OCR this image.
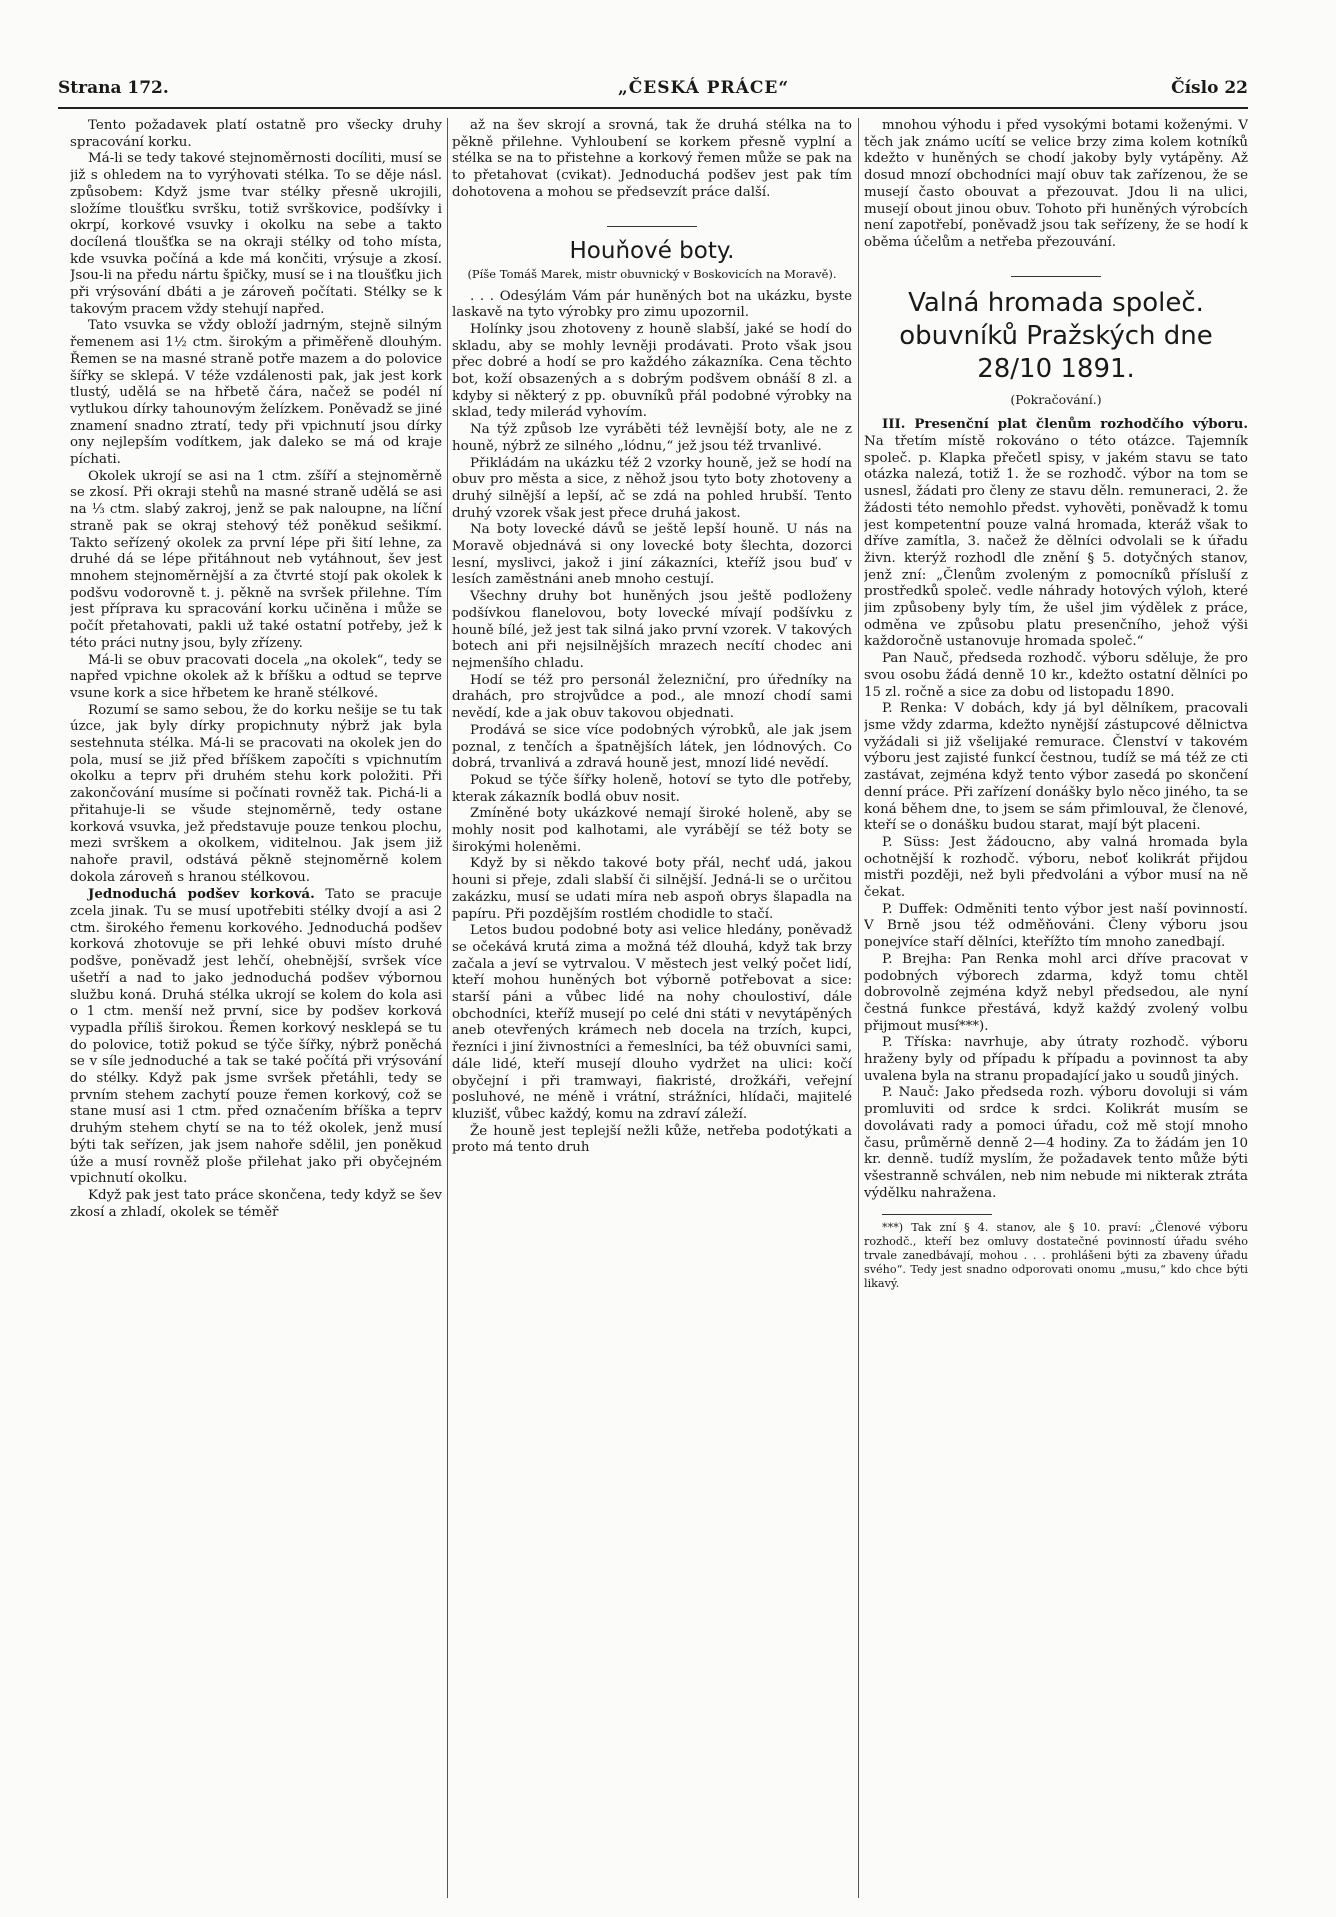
Strana 172.	„ČESKÁ PRÁCE“	Číslo 22

Tento požadavek platí ostatně pro všecky druhy spracování korku.

Má-li se tedy takové stejnoměrnosti docíliti, musí se již s ohledem na to vyrýhovati stélka. To se děje násl. způsobem: Když jsme tvar stélky přesně ukrojili, složíme tloušťku svršku, totiž svrškovice, podšívky i okrpí, korkové vsuvky i okolku na sebe a takto docílená tloušťka se na okraji stélky od toho místa, kde vsuvka počíná a kde má končiti, vrýsuje a zkosí. Jsou-li na předu nártu špičky, musí se i na tloušťku jich při vrýsování dbáti a je zároveň počítati. Stélky se k takovým pracem vždy stehují napřed.

Tato vsuvka se vždy obloží jadrným, stejně silným řemenem asi 1½ ctm. širokým a přiměřeně dlouhým. Řemen se na masné straně potře mazem a do polovice šířky se sklepá. V téže vzdálenosti pak, jak jest kork tlustý, udělá se na hřbetě čára, načež se podél ní vytlukou dírky tahounovým želízkem. Poněvadž se jiné znamení snadno ztratí, tedy při vpichnutí jsou dírky ony nejlepším vodítkem, jak daleko se má od kraje píchati.

Okolek ukrojí se asi na 1 ctm. zšíří a stejnoměrně se zkosí. Při okraji stehů na masné straně udělá se asi na ⅓ ctm. slabý zakroj, jenž se pak naloupne, na líční straně pak se okraj stehový též poněkud sešikmí. Takto seřízený okolek za první lépe při šití lehne, za druhé dá se lépe přitáhnout neb vytáhnout, šev jest mnohem stejnoměrnější a za čtvrté stojí pak okolek k podšvu vodorovně t. j. pěkně na svršek přilehne. Tím jest příprava ku spracování korku učiněna i může se počít přetahovati, pakli už také ostatní potřeby, jež k této práci nutny jsou, byly zřízeny.

Má-li se obuv pracovati docela „na okolek“, tedy se napřed vpichne okolek až k bříšku a odtud se teprve vsune kork a sice hřbetem ke hraně stélkové.

Rozumí se samo sebou, že do korku nešije se tu tak úzce, jak byly dírky propichnuty nýbrž jak byla sestehnuta stélka. Má-li se pracovati na okolek jen do pola, musí se již před bříškem započíti s vpichnutím okolku a teprv při druhém stehu kork položiti. Při zakončování musíme si počínati rovněž tak. Pichá-li a přitahuje-li se všude stejnoměrně, tedy ostane korková vsuvka, jež představuje pouze tenkou plochu, mezi svrškem a okolkem, viditelnou. Jak jsem již nahoře pravil, odstává pěkně stejnoměrně kolem dokola zároveň s hranou stélkovou.

Jednoduchá podšev korková. Tato se pracuje zcela jinak. Tu se musí upotřebiti stélky dvojí a asi 2 ctm. širokého řemenu korkového. Jednoduchá podšev korková zhotovuje se při lehké obuvi místo druhé podšve, poněvadž jest lehčí, ohebnější, svršek více ušetří a nad to jako jednoduchá podšev výbornou službu koná. Druhá stélka ukrojí se kolem do kola asi o 1 ctm. menší než první, sice by podšev korková vypadla příliš širokou. Řemen korkový nesklepá se tu do polovice, totiž pokud se týče šířky, nýbrž poněchá se v síle jednoduché a tak se také počítá při vrýsování do stélky. Když pak jsme svršek přetáhli, tedy se prvním stehem zachytí pouze řemen korkový, což se stane musí asi 1 ctm. před označením bříška a teprv druhým stehem chytí se na to též okolek, jenž musí býti tak seřízen, jak jsem nahoře sdělil, jen poněkud úže a musí rovněž ploše přilehat jako při obyčejném vpichnutí okolku.

Když pak jest tato práce skončena, tedy když se šev zkosí a zhladí, okolek se téměř

až na šev skrojí a srovná, tak že druhá stélka na to pěkně přilehne. Vyhloubení se korkem přesně vyplní a stélka se na to přistehne a korkový řemen může se pak na to přetahovat (cvikat). Jednoduchá podšev jest pak tím dohotovena a mohou se předsevzít práce další.

Houňové boty.
(Píše Tomáš Marek, mistr obuvnický v Boskovicích na Moravě).

. . . Odesýlám Vám pár huněných bot na ukázku, byste laskavě na tyto výrobky pro zimu upozornil.

Holínky jsou zhotoveny z houně slabší, jaké se hodí do skladu, aby se mohly levněji prodávati. Proto však jsou přec dobré a hodí se pro každého zákazníka. Cena těchto bot, koží obsazených a s dobrým podšvem obnáší 8 zl. a kdyby si některý z pp. obuvníků přál podobné výrobky na sklad, tedy milerád vyhovím.

Na týž způsob lze vyráběti též levnější boty, ale ne z houně, nýbrž ze silného „lódnu,“ jež jsou též trvanlivé.

Přikládám na ukázku též 2 vzorky houně, jež se hodí na obuv pro města a sice, z něhož jsou tyto boty zhotoveny a druhý silnější a lepší, ač se zdá na pohled hrubší. Tento druhý vzorek však jest přece druhá jakost.

Na boty lovecké dávů se ještě lepší houně. U nás na Moravě objednává si ony lovecké boty šlechta, dozorci lesní, myslivci, jakož i jiní zákazníci, kteříž jsou buď v lesích zaměstnáni aneb mnoho cestují.

Všechny druhy bot huněných jsou ještě podloženy podšívkou flanelovou, boty lovecké mívají podšívku z houně bílé, jež jest tak silná jako první vzorek. V takových botech ani při nejsilnějších mrazech necítí chodec ani nejmenšího chladu.

Hodí se též pro personál železniční, pro úředníky na drahách, pro strojvůdce a pod., ale mnozí chodí sami nevědí, kde a jak obuv takovou objednati.

Prodává se sice více podobných výrobků, ale jak jsem poznal, z tenčích a špatnějších látek, jen lódnových. Co dobrá, trvanlivá a zdravá houně jest, mnozí lidé nevědí.

Pokud se týče šířky holeně, hotoví se tyto dle potřeby, kterak zákazník bodlá obuv nosit.

Zmíněné boty ukázkové nemají široké holeně, aby se mohly nosit pod kalhotami, ale vyrábějí se též boty se širokými holeněmi.

Když by si někdo takové boty přál, nechť udá, jakou houni si přeje, zdali slabší či silnější. Jedná-li se o určitou zakázku, musí se udati míra neb aspoň obrys šlapadla na papíru. Při pozdějším rostlém chodidle to stačí.

Letos budou podobné boty asi velice hledány, poněvadž se očekává krutá zima a možná též dlouhá, když tak brzy začala a jeví se vytrvalou. V městech jest velký počet lidí, kteří mohou huněných bot výborně potřebovat a sice: starší páni a vůbec lidé na nohy choulostiví, dále obchodníci, kteříž musejí po celé dni státi v nevytápěných aneb otevřených krámech neb docela na trzích, kupci, řezníci i jiní živnostníci a řemeslníci, ba též obuvníci sami, dále lidé, kteří musejí dlouho vydržet na ulici: kočí obyčejní i při tramwayi, fiakristé, drožkáři, veřejní posluhové, ne méně i vrátní, strážníci, hlídači, majitelé kluzišť, vůbec každý, komu na zdraví záleží.

Že houně jest teplejší nežli kůže, netřeba podotýkati a proto má tento druh

mnohou výhodu i před vysokými botami koženými. V těch jak známo ucítí se velice brzy zima kolem kotníků kdežto v huněných se chodí jakoby byly vytápěny. Až dosud mnozí obchodníci mají obuv tak zařízenou, že se musejí často obouvat a přezouvat. Jdou li na ulici, musejí obout jinou obuv. Tohoto při huněných výrobcích není zapotřebí, poněvadž jsou tak seřízeny, že se hodí k oběma účelům a netřeba přezouvání.

Valná hromada společ. obuvníků Pražských dne 28/10 1891.
(Pokračování.)

III. Presenční plat členům rozhodčího výboru. Na třetím místě rokováno o této otázce. Tajemník společ. p. Klapka přečetl spisy, v jakém stavu se tato otázka nalezá, totiž 1. že se rozhodč. výbor na tom se usnesl, žádati pro členy ze stavu děln. remuneraci, 2. že žádosti této nemohlo předst. vyhověti, poněvadž k tomu jest kompetentní pouze valná hromada, kteráž však to dříve zamítla, 3. načež že dělníci odvolali se k úřadu živn. kterýž rozhodl dle znění § 5. dotyčných stanov, jenž zní: „Členům zvoleným z pomocníků přísluší z prostředků společ. vedle náhrady hotových výloh, které jim způsobeny byly tím, že ušel jim výdělek z práce, odměna ve způsobu platu presenčního, jehož výši každoročně ustanovuje hromada společ.“

Pan Nauč, předseda rozhodč. výboru sděluje, že pro svou osobu žádá denně 10 kr., kdežto ostatní dělníci po 15 zl. ročně a sice za dobu od listopadu 1890.

P. Renka: V dobách, kdy já byl dělníkem, pracovali jsme vždy zdarma, kdežto nynější zástupcové dělnictva vyžádali si již všelijaké remurace. Členství v takovém výboru jest zajisté funkcí čestnou, tudíž se má též ze cti zastávat, zejména když tento výbor zasedá po skončení denní práce. Při zařízení donášky bylo něco jiného, ta se koná během dne, to jsem se sám přimlouval, že členové, kteří se o donášku budou starat, mají být placeni.

P. Süss: Jest žádoucno, aby valná hromada byla ochotnější k rozhodč. výboru, neboť kolikrát přijdou mistři později, než byli předvoláni a výbor musí na ně čekat.

P. Duffek: Odměniti tento výbor jest naší povinností. V Brně jsou též odměňováni. Členy výboru jsou ponejvíce staří dělníci, kteřížto tím mnoho zanedbají.

P. Brejha: Pan Renka mohl arci dříve pracovat v podobných výborech zdarma, když tomu chtěl dobrovolně zejména když nebyl předsedou, ale nyní čestná funkce přestává, když každý zvolený volbu přijmout musí***).

P. Tříska: navrhuje, aby útraty rozhodč. výboru hraženy byly od případu k případu a povinnost ta aby uvalena byla na stranu propadající jako u soudů jiných.

P. Nauč: Jako předseda rozh. výboru dovoluji si vám promluviti od srdce k srdci. Kolikrát musím se dovolávati rady a pomoci úřadu, což mě stojí mnoho času, průměrně denně 2—4 hodiny. Za to žádám jen 10 kr. denně. tudíž myslím, že požadavek tento může býti všestranně schválen, neb nim nebude mi nikterak ztráta výdělku nahražena.

***) Tak zní § 4. stanov, ale § 10. praví: „Členové výboru rozhodč., kteří bez omluvy dostatečné povinností úřadu svého trvale zanedbávají, mohou . . . prohlášeni býti za zbaveny úřadu svého“. Tedy jest snadno odporovati onomu „musu,“ kdo chce býti likavý.
